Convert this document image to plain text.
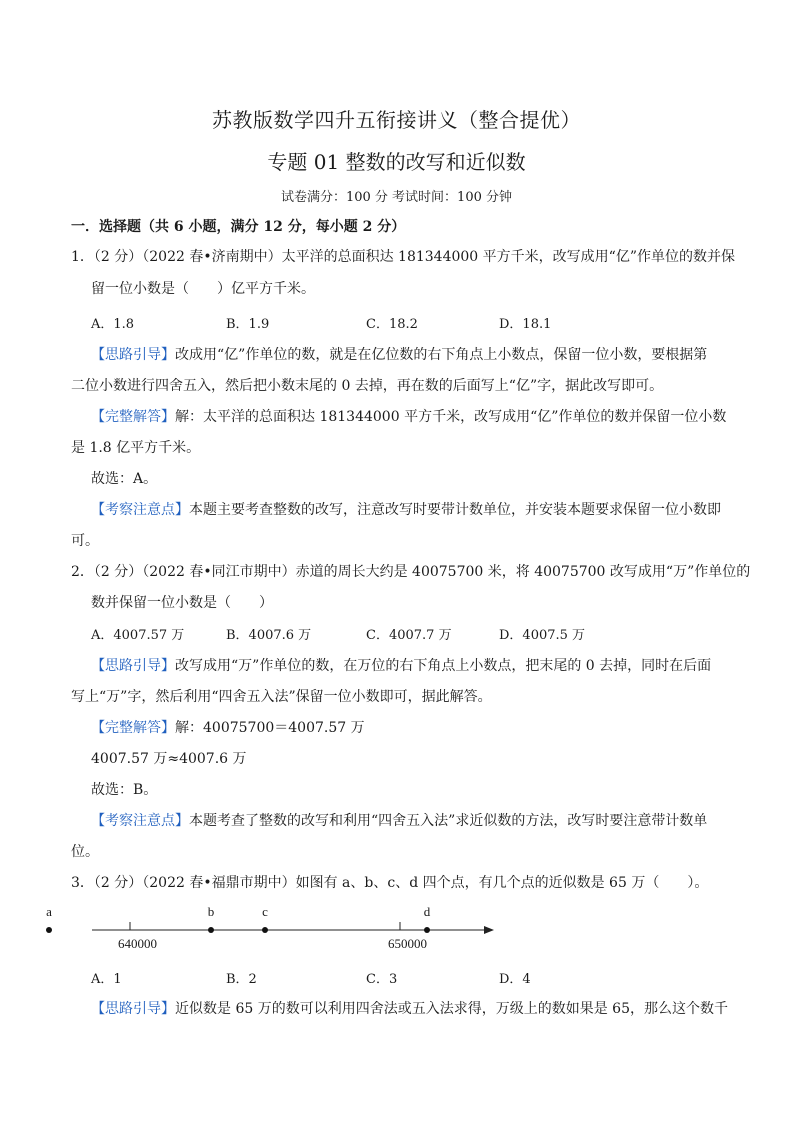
苏教版数学四升五衔接讲义（整合提优）
专题 01 整数的改写和近似数
试卷满分：100 分 考试时间：100 分钟
一．选择题（共 6 小题，满分 12 分，每小题 2 分）
1．（2 分）（2022 春•济南期中）太平洋的总面积达 181344000 平方千米，改写成用“亿”作单位的数并保
留一位小数是（　　）亿平方千米。
A．1.8	B．1.9	C．18.2	D．18.1
【思路引导】改成用“亿”作单位的数，就是在亿位数的右下角点上小数点，保留一位小数，要根据第
二位小数进行四舍五入，然后把小数末尾的 0 去掉，再在数的后面写上“亿”字，据此改写即可。
【完整解答】解：太平洋的总面积达 181344000 平方千米，改写成用“亿”作单位的数并保留一位小数
是 1.8 亿平方千米。
故选：A。
【考察注意点】本题主要考查整数的改写，注意改写时要带计数单位，并安装本题要求保留一位小数即
可。
2．（2 分）（2022 春•同江市期中）赤道的周长大约是 40075700 米，将 40075700 改写成用“万”作单位的
数并保留一位小数是（　　）
A．4007.57 万	B．4007.6 万	C．4007.7 万	D．4007.5 万
【思路引导】改写成用“万”作单位的数，在万位的右下角点上小数点，把末尾的 0 去掉，同时在后面
写上“万”字，然后利用“四舍五入法”保留一位小数即可，据此解答。
【完整解答】解：40075700＝4007.57 万
4007.57 万≈4007.6 万
故选：B。
【考察注意点】本题考查了整数的改写和利用“四舍五入法”求近似数的方法，改写时要注意带计数单
位。
3．（2 分）（2022 春•福鼎市期中）如图有 a、b、c、d 四个点，有几个点的近似数是 65 万（　　）。
640000	650000
a	b	c	d
A．1	B．2	C．3	D．4
【思路引导】近似数是 65 万的数可以利用四舍法或五入法求得，万级上的数如果是 65，那么这个数千
